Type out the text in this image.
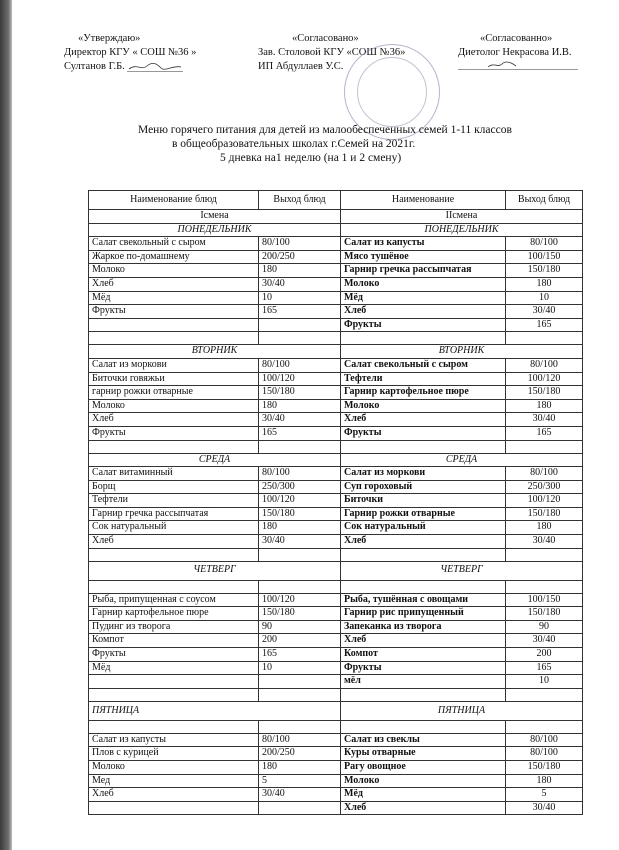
«Утверждаю»
Директор КГУ « СОШ №36 »
Султанов Г.Б.
«Согласовано»
Зав. Столовой КГУ «СОШ №36»
ИП Абдуллаев У.С.
«Согласованно»
Диетолог Некрасова И.В.
Меню горячего питания для детей из малообеспеченных семей 1-11 классов
в общеобразовательных школах г.Семей на 2021г.
5 дневка на1 неделю (на 1 и 2 смену)
Наименование блюд	Выход блюд	Наименование	Выход блюд
Iсмена		IIсмена	
ПОНЕДЕЛЬНИК		ПОНЕДЕЛЬНИК	
Салат свекольный с сыром	80/100	Салат из капусты	80/100
Жаркое по-домашнему	200/250	Мясо тушёное	100/150
Молоко	180	Гарнир гречка рассыпчатая	150/180
Хлеб	30/40	Молоко	180
Мёд	10	Мёд	10
Фрукты	165	Хлеб	30/40
		Фрукты	165

ВТОРНИК		ВТОРНИК	
Салат из моркови	80/100	Салат свекольный с сыром	80/100
Биточки говяжьи	100/120	Тефтели	100/120
гарнир рожки отварные	150/180	Гарнир картофельное пюре	150/180
Молоко	180	Молоко	180
Хлеб	30/40	Хлеб	30/40
Фрукты	165	Фрукты	165

СРЕДА		СРЕДА	
Салат витаминный	80/100	Салат из моркови	80/100
Борщ	250/300	Суп гороховый	250/300
Тефтели	100/120	Биточки	100/120
Гарнир гречка рассыпчатая	150/180	Гарнир рожки отварные	150/180
Сок натуральный	180	Сок натуральный	180
Хлеб	30/40	Хлеб	30/40

ЧЕТВЕРГ		ЧЕТВЕРГ	

Рыба, припущенная с соусом	100/120	Рыба, тушённая с овощами	100/150
Гарнир картофельное пюре	150/180	Гарнир рис припущенный	150/180
Пудинг из творога	90	Запеканка из творога	90
Компот	200	Хлеб	30/40
Фрукты	165	Компот	200
Мёд	10	Фрукты	165
		мёл	10

ПЯТНИЦА		ПЯТНИЦА	

Салат из капусты	80/100	Салат из свеклы	80/100
Плов с курицей	200/250	Куры отварные	80/100
Молоко	180	Рагу овощное	150/180
Мед	5	Молоко	180
Хлеб	30/40	Мёд	5
		Хлеб	30/40
